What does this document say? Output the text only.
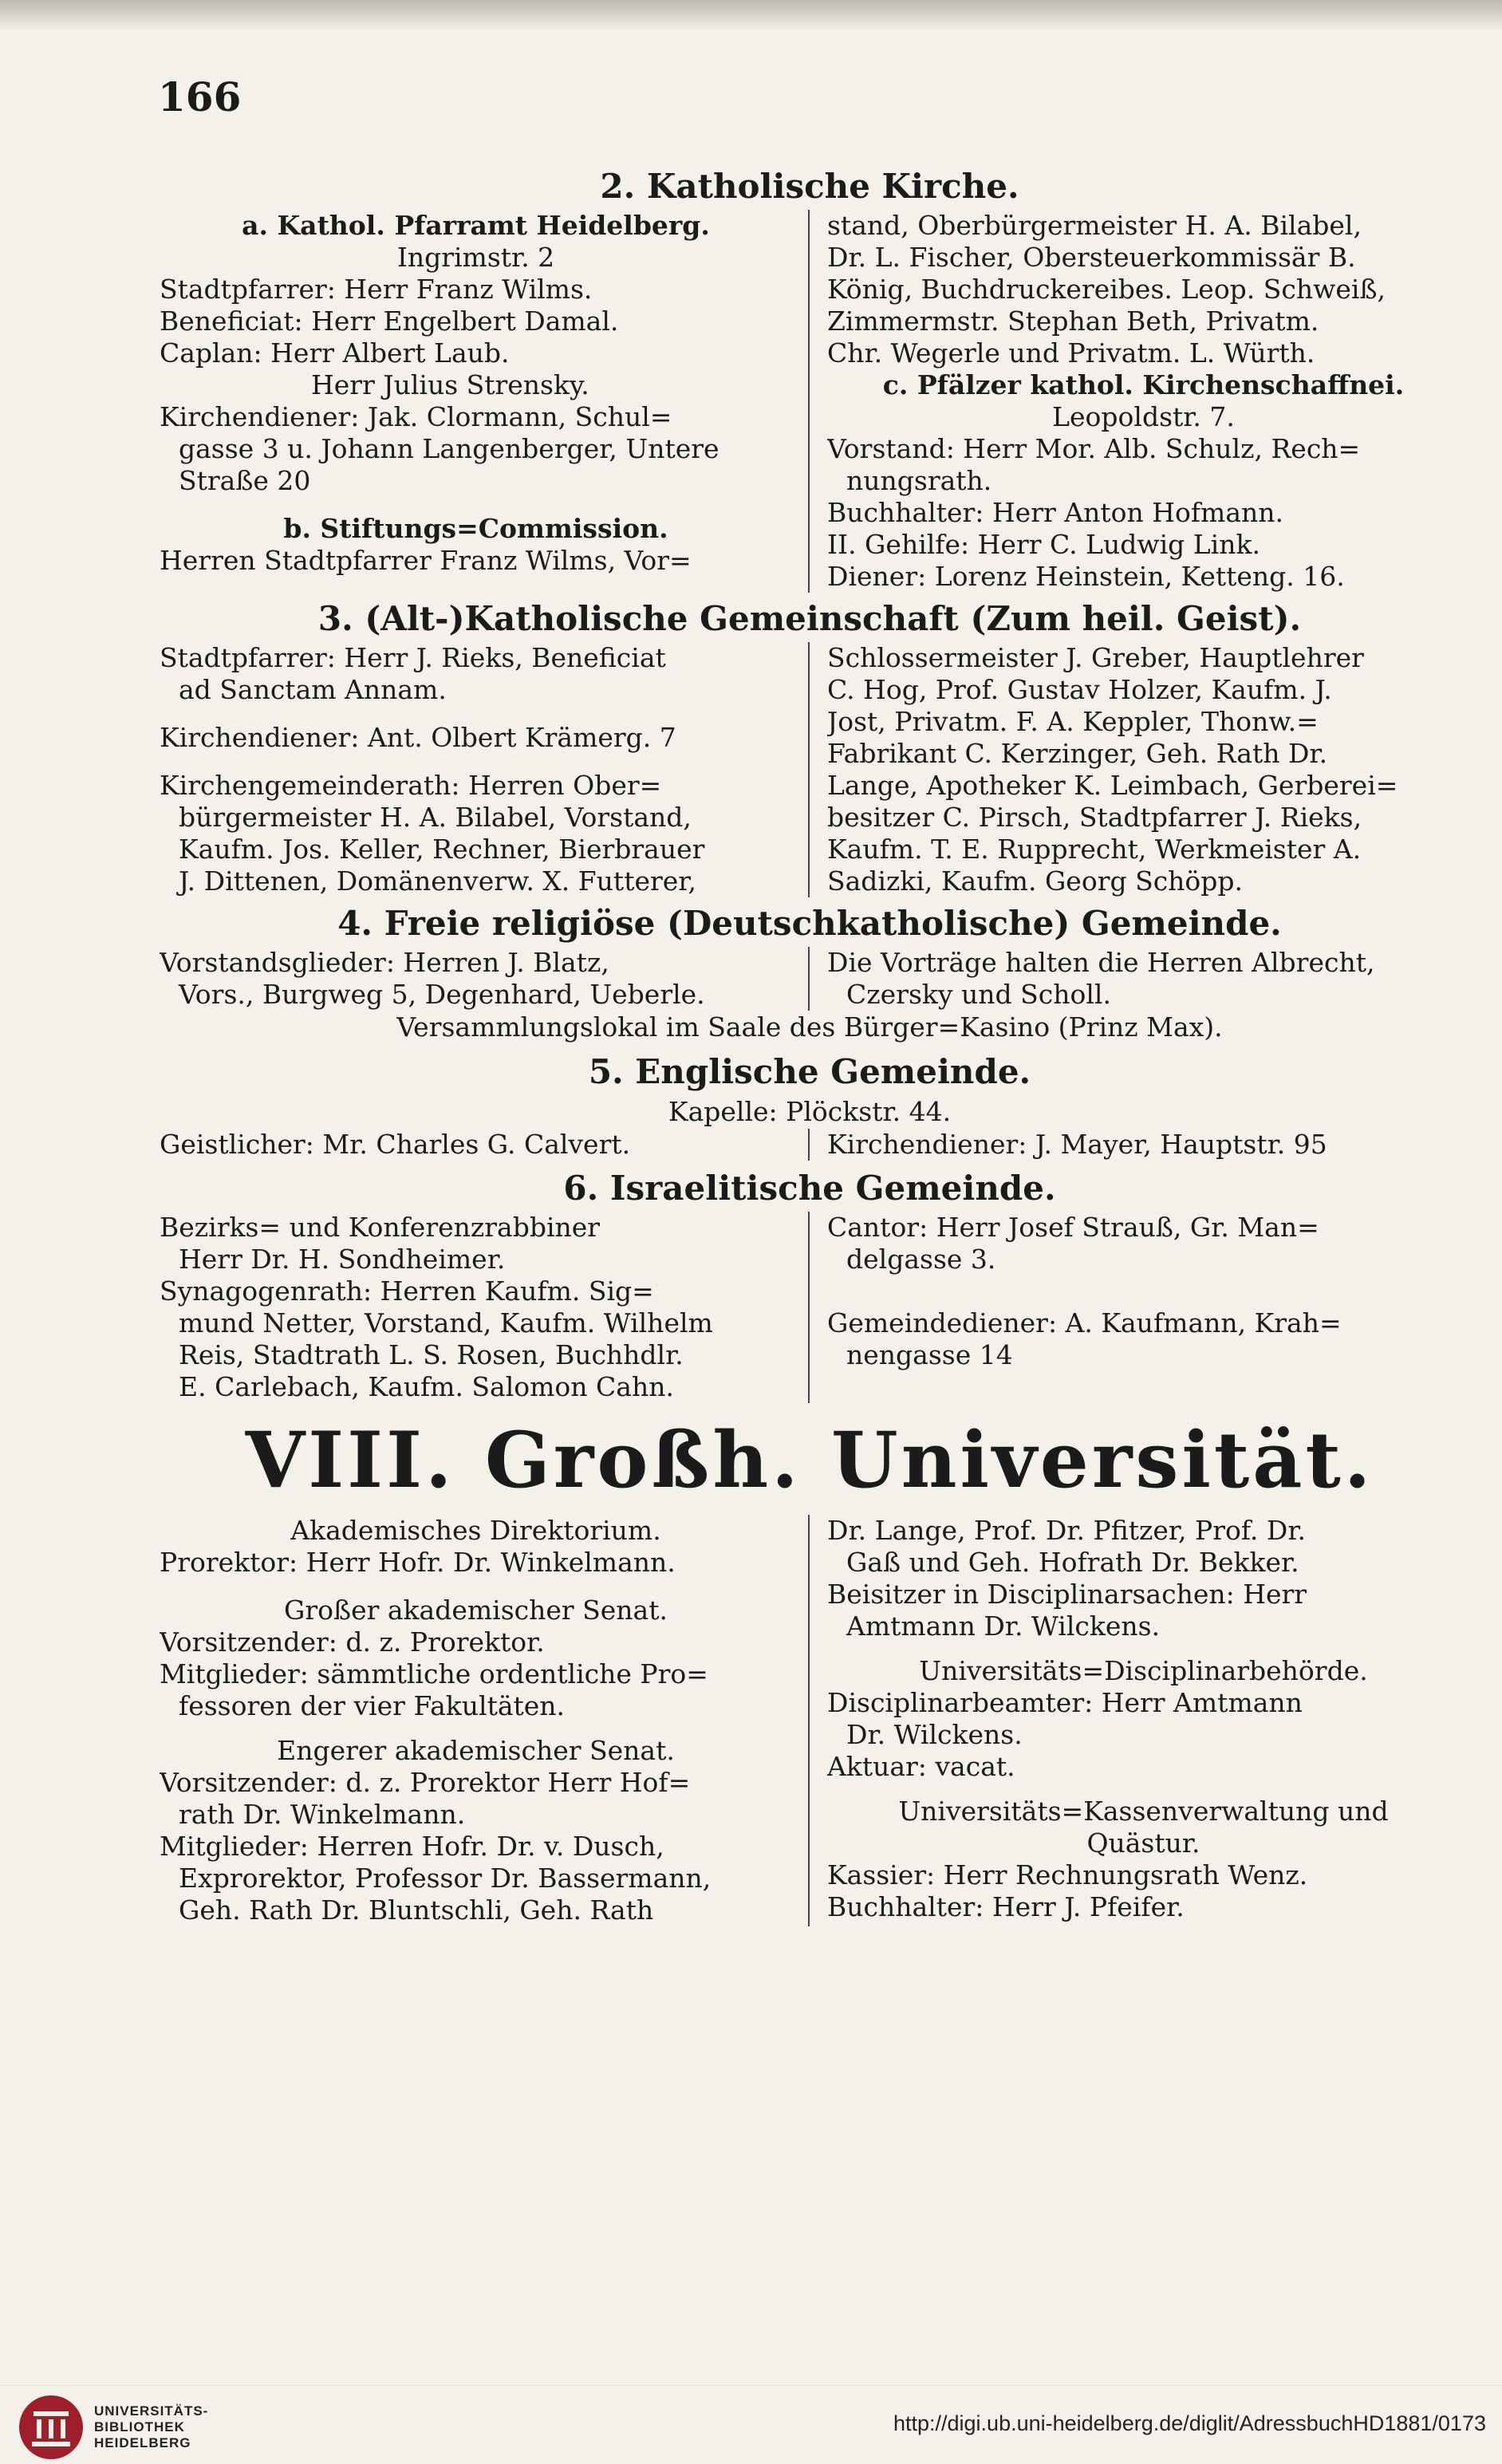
166
2. Katholische Kirche.
a. Kathol. Pfarramt Heidelberg.
Ingrimstr. 2
Stadtpfarrer: Herr Franz Wilms.
Beneficiat: Herr Engelbert Damal.
Caplan: Herr Albert Laub.
Herr Julius Strensky.
Kirchendiener: Jak. Clormann, Schul=
gasse 3 u. Johann Langenberger, Untere
Straße 20
b. Stiftungs=Commission.
Herren Stadtpfarrer Franz Wilms, Vor=
stand, Oberbürgermeister H. A. Bilabel,
Dr. L. Fischer, Obersteuerkommissär B.
König, Buchdruckereibes. Leop. Schweiß,
Zimmermstr. Stephan Beth, Privatm.
Chr. Wegerle und Privatm. L. Würth.
c. Pfälzer kathol. Kirchenschaffnei.
Leopoldstr. 7.
Vorstand: Herr Mor. Alb. Schulz, Rech=
nungsrath.
Buchhalter: Herr Anton Hofmann.
II. Gehilfe: Herr C. Ludwig Link.
Diener: Lorenz Heinstein, Ketteng. 16.
3. (Alt-)Katholische Gemeinschaft (Zum heil. Geist).
Stadtpfarrer: Herr J. Rieks, Beneficiat
ad Sanctam Annam.
Kirchendiener: Ant. Olbert Krämerg. 7
Kirchengemeinderath: Herren Ober=
bürgermeister H. A. Bilabel, Vorstand,
Kaufm. Jos. Keller, Rechner, Bierbrauer
J. Dittenen, Domänenverw. X. Futterer,
Schlossermeister J. Greber, Hauptlehrer
C. Hog, Prof. Gustav Holzer, Kaufm. J.
Jost, Privatm. F. A. Keppler, Thonw.=
Fabrikant C. Kerzinger, Geh. Rath Dr.
Lange, Apotheker K. Leimbach, Gerberei=
besitzer C. Pirsch, Stadtpfarrer J. Rieks,
Kaufm. T. E. Rupprecht, Werkmeister A.
Sadizki, Kaufm. Georg Schöpp.
4. Freie religiöse (Deutschkatholische) Gemeinde.
Vorstandsglieder: Herren J. Blatz,
Vors., Burgweg 5, Degenhard, Ueberle.
Die Vorträge halten die Herren Albrecht,
Czersky und Scholl.
Versammlungslokal im Saale des Bürger=Kasino (Prinz Max).
5. Englische Gemeinde.
Kapelle: Plöckstr. 44.
Geistlicher: Mr. Charles G. Calvert.	Kirchendiener: J. Mayer, Hauptstr. 95
6. Israelitische Gemeinde.
Bezirks= und Konferenzrabbiner
Herr Dr. H. Sondheimer.
Synagogenrath: Herren Kaufm. Sig=
mund Netter, Vorstand, Kaufm. Wilhelm
Reis, Stadtrath L. S. Rosen, Buchhdlr.
E. Carlebach, Kaufm. Salomon Cahn.
Cantor: Herr Josef Strauß, Gr. Man=
delgasse 3.

Gemeindediener: A. Kaufmann, Krah=
nengasse 14
VIII. Großh. Universität.
Akademisches Direktorium.
Prorektor: Herr Hofr. Dr. Winkelmann.
Großer akademischer Senat.
Vorsitzender: d. z. Prorektor.
Mitglieder: sämmtliche ordentliche Pro=
fessoren der vier Fakultäten.
Engerer akademischer Senat.
Vorsitzender: d. z. Prorektor Herr Hof=
rath Dr. Winkelmann.
Mitglieder: Herren Hofr. Dr. v. Dusch,
Exprorektor, Professor Dr. Bassermann,
Geh. Rath Dr. Bluntschli, Geh. Rath
Dr. Lange, Prof. Dr. Pfitzer, Prof. Dr.
Gaß und Geh. Hofrath Dr. Bekker.
Beisitzer in Disciplinarsachen: Herr
Amtmann Dr. Wilckens.
Universitäts=Disciplinarbehörde.
Disciplinarbeamter: Herr Amtmann
Dr. Wilckens.
Aktuar: vacat.
Universitäts=Kassenverwaltung und
Quästur.
Kassier: Herr Rechnungsrath Wenz.
Buchhalter: Herr J. Pfeifer.
UNIVERSITÄTS-
BIBLIOTHEK
HEIDELBERG
http://digi.ub.uni-heidelberg.de/diglit/AdressbuchHD1881/0173
